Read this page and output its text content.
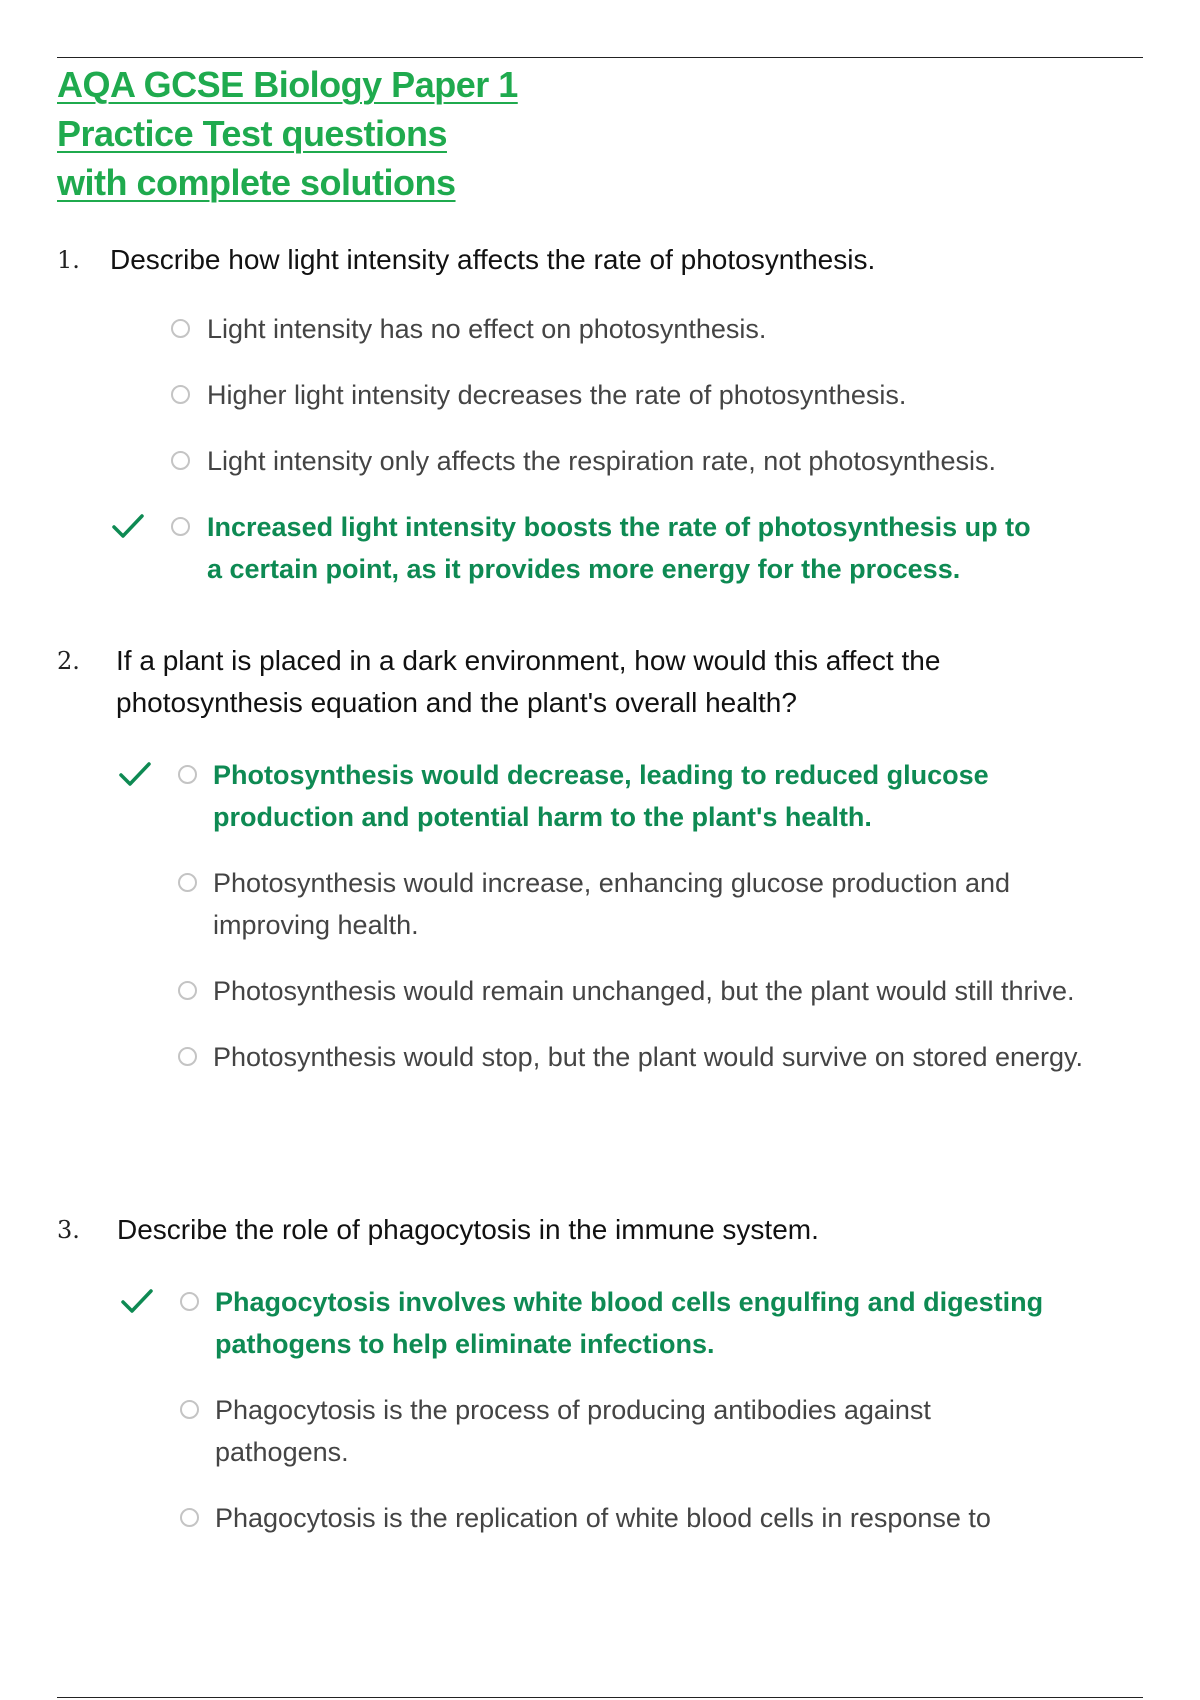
AQA GCSE Biology Paper 1
Practice Test questions
with complete solutions
1. Describe how light intensity affects the rate of photosynthesis.
Light intensity has no effect on photosynthesis.
Higher light intensity decreases the rate of photosynthesis.
Light intensity only affects the respiration rate, not photosynthesis.
Increased light intensity boosts the rate of photosynthesis up to a certain point, as it provides more energy for the process.
2. If a plant is placed in a dark environment, how would this affect the photosynthesis equation and the plant's overall health?
Photosynthesis would decrease, leading to reduced glucose production and potential harm to the plant's health.
Photosynthesis would increase, enhancing glucose production and improving health.
Photosynthesis would remain unchanged, but the plant would still thrive.
Photosynthesis would stop, but the plant would survive on stored energy.
3. Describe the role of phagocytosis in the immune system.
Phagocytosis involves white blood cells engulfing and digesting pathogens to help eliminate infections.
Phagocytosis is the process of producing antibodies against pathogens.
Phagocytosis is the replication of white blood cells in response to
